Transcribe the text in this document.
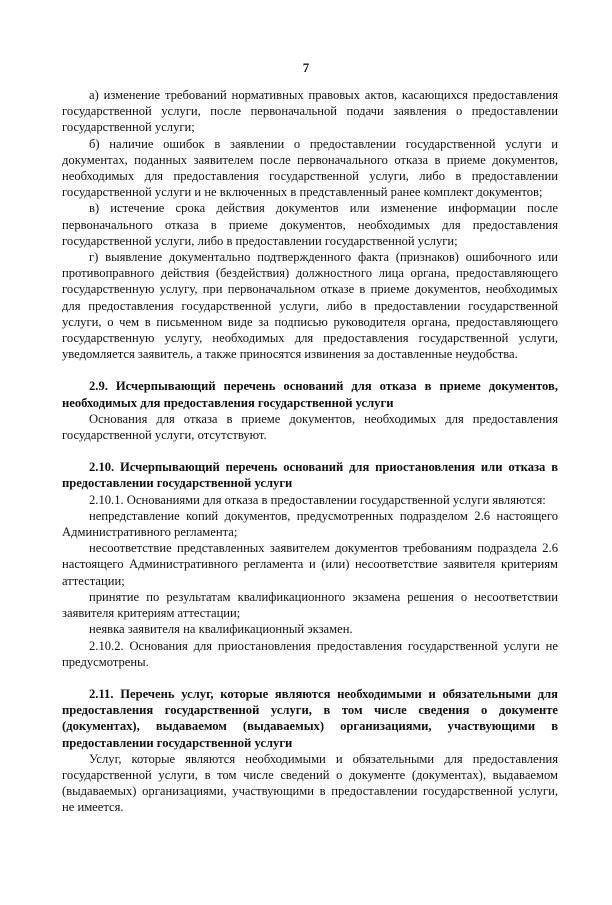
7

а) изменение требований нормативных правовых актов, касающихся предоставления государственной услуги, после первоначальной подачи заявления о предоставлении государственной услуги;

б) наличие ошибок в заявлении о предоставлении государственной услуги и документах, поданных заявителем после первоначального отказа в приеме документов, необходимых для предоставления государственной услуги, либо в предоставлении государственной услуги и не включенных в представленный ранее комплект документов;

в) истечение срока действия документов или изменение информации после первоначального отказа в приеме документов, необходимых для предоставления государственной услуги, либо в предоставлении государственной услуги;

г) выявление документально подтвержденного факта (признаков) ошибочного или противоправного действия (бездействия) должностного лица органа, предоставляющего государственную услугу, при первоначальном отказе в приеме документов, необходимых для предоставления государственной услуги, либо в предоставлении государственной услуги, о чем в письменном виде за подписью руководителя органа, предоставляющего государственную услугу, необходимых для предоставления государственной услуги, уведомляется заявитель, а также приносятся извинения за доставленные неудобства.

2.9. Исчерпывающий перечень оснований для отказа в приеме документов, необходимых для предоставления государственной услуги

Основания для отказа в приеме документов, необходимых для предоставления государственной услуги, отсутствуют.

2.10. Исчерпывающий перечень оснований для приостановления или отказа в предоставлении государственной услуги

2.10.1. Основаниями для отказа в предоставлении государственной услуги являются:

непредставление копий документов, предусмотренных подразделом 2.6 настоящего Административного регламента;

несоответствие представленных заявителем документов требованиям подраздела 2.6 настоящего Административного регламента и (или) несоответствие заявителя критериям аттестации;

принятие по результатам квалификационного экзамена решения о несоответствии заявителя критериям аттестации;

неявка заявителя на квалификационный экзамен.

2.10.2. Основания для приостановления предоставления государственной услуги не предусмотрены.

2.11. Перечень услуг, которые являются необходимыми и обязательными для предоставления государственной услуги, в том числе сведения о документе (документах), выдаваемом (выдаваемых) организациями, участвующими в предоставлении государственной услуги

Услуг, которые являются необходимыми и обязательными для предоставления государственной услуги, в том числе сведений о документе (документах), выдаваемом (выдаваемых) организациями, участвующими в предоставлении государственной услуги, не имеется.
